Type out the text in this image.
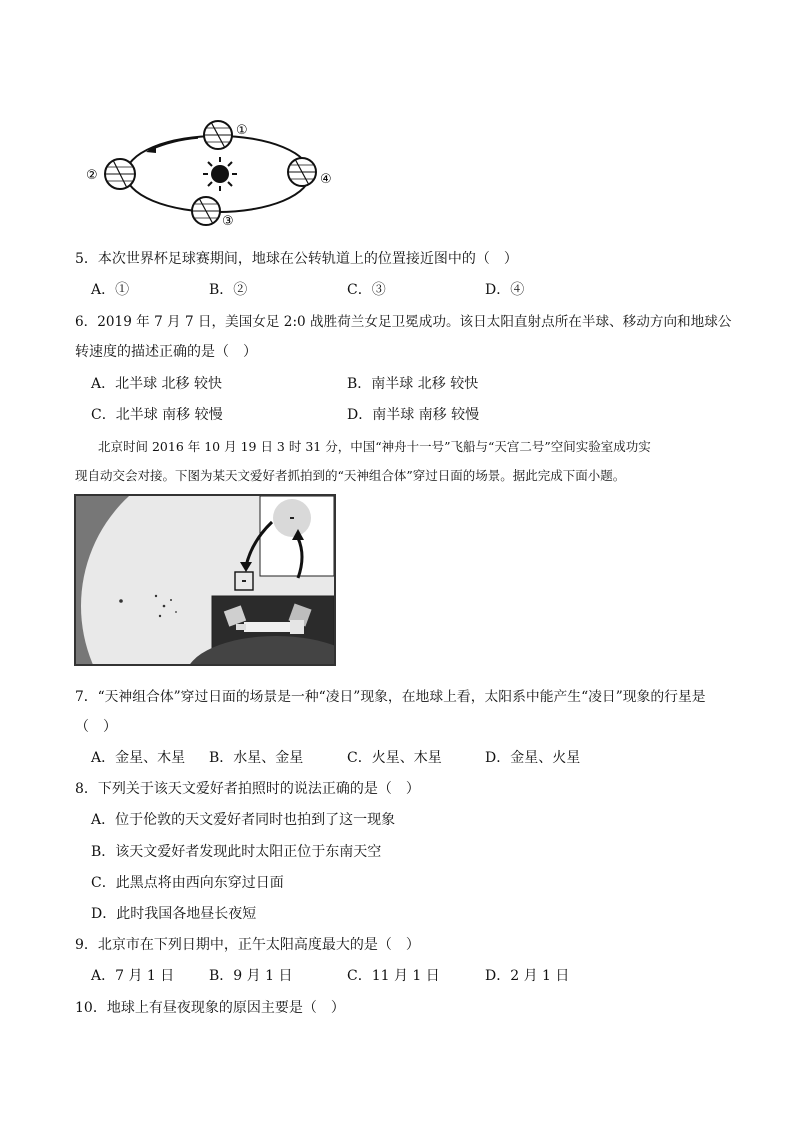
①
②
③
④
5．本次世界杯足球赛期间，地球在公转轨道上的位置接近图中的（　）
A．①	B．②	C．③	D．④
6．2019 年 7 月 7 日，美国女足 2:0 战胜荷兰女足卫冕成功。该日太阳直射点所在半球、移动方向和地球公
转速度的描述正确的是（　）
A．北半球 北移 较快	B．南半球 北移 较快
C．北半球 南移 较慢	D．南半球 南移 较慢
北京时间 2016 年 10 月 19 日 3 时 31 分，中国“神舟十一号”飞船与“天宫二号”空间实验室成功实
现自动交会对接。下图为某天文爱好者抓拍到的“天神组合体”穿过日面的场景。据此完成下面小题。
7．“天神组合体”穿过日面的场景是一种“凌日”现象，在地球上看，太阳系中能产生“凌日”现象的行星是
（　）
A．金星、木星 B．水星、金星	C．火星、木星	D．金星、火星
8．下列关于该天文爱好者拍照时的说法正确的是（　）
A．位于伦敦的天文爱好者同时也拍到了这一现象
B．该天文爱好者发现此时太阳正位于东南天空
C．此黑点将由西向东穿过日面
D．此时我国各地昼长夜短
9．北京市在下列日期中，正午太阳高度最大的是（　）
A．7 月 1 日 B．9 月 1 日	C．11 月 1 日	D．2 月 1 日
10．地球上有昼夜现象的原因主要是（　）
